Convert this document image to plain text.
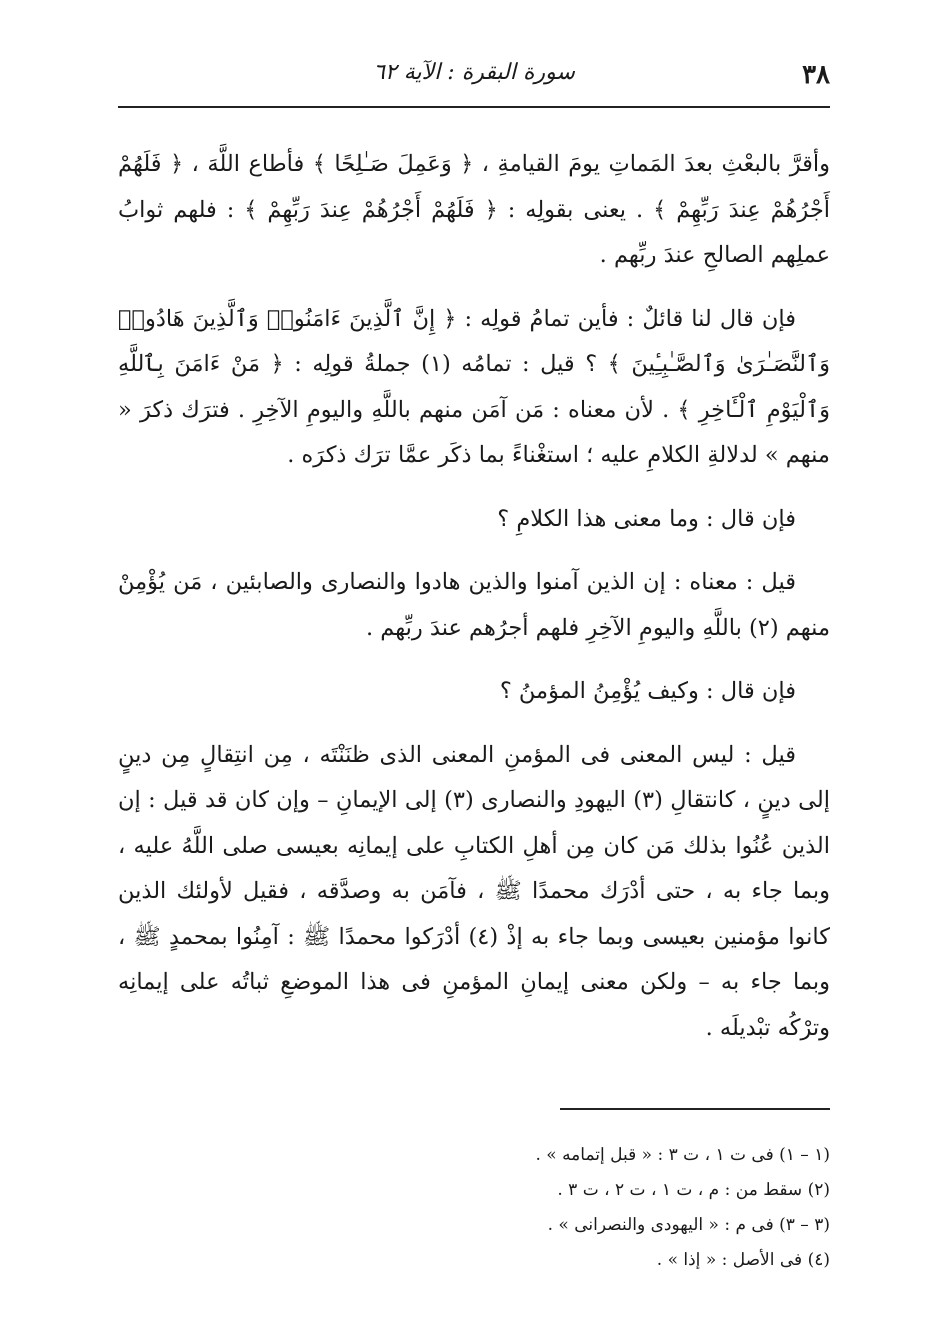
٣٨
سورة البقرة : الآية ٦٢

وأقرَّ بالبعْثِ بعدَ المَماتِ يومَ القيامةِ ، ﴿ وَعَمِلَ صَـٰلِحًا ﴾ فأطاع اللَّهَ ، ﴿ فَلَهُمْ أَجْرُهُمْ عِندَ رَبِّهِمْ ﴾ . يعنى بقولِه : ﴿ فَلَهُمْ أَجْرُهُمْ عِندَ رَبِّهِمْ ﴾ : فلهم ثوابُ عملِهم الصالحِ عندَ ربِّهم .

فإن قال لنا قائلٌ : فأين تمامُ قولِه : ﴿ إِنَّ ٱلَّذِينَ ءَامَنُوا۟ وَٱلَّذِينَ هَادُوا۟ وَٱلنَّصَـٰرَىٰ وَٱلصَّـٰبِـِٔينَ ﴾ ؟ قيل : تمامُه (١) جملةُ قولِه : ﴿ مَنْ ءَامَنَ بِٱللَّهِ وَٱلْيَوْمِ ٱلْـَٔاخِرِ ﴾ . لأن معناه : مَن آمَن منهم باللَّهِ واليومِ الآخِرِ . فترَك ذكرَ « منهم » لدلالةِ الكلامِ عليه ؛ استغْناءً بما ذكَر عمَّا ترَك ذكرَه .

فإن قال : وما معنى هذا الكلامِ ؟

قيل : معناه : إن الذين آمنوا والذين هادوا والنصارى والصابئين ، مَن يُؤْمِنْ منهم (٢) باللَّهِ واليومِ الآخِرِ فلهم أجرُهم عندَ ربِّهم .

فإن قال : وكيف يُؤْمِنُ المؤمنُ ؟

قيل : ليس المعنى فى المؤمنِ المعنى الذى ظنَنْتَه ، مِن انتِقالٍ مِن دينٍ إلى دينٍ ، كانتقالِ (٣) اليهودِ والنصارى (٣) إلى الإيمانِ – وإن كان قد قيل : إن الذين عُنُوا بذلك مَن كان مِن أهلِ الكتابِ على إيمانِه بعيسى صلى اللَّهُ عليه ، وبما جاء به ، حتى أدْرَك محمدًا ﷺ ، فآمَن به وصدَّقه ، فقيل لأولئك الذين كانوا مؤمنين بعيسى وبما جاء به إذْ (٤) أدْرَكوا محمدًا ﷺ : آمِنُوا بمحمدٍ ﷺ ، وبما جاء به – ولكن معنى إيمانِ المؤمنِ فى هذا الموضعِ ثباتُه على إيمانِه وترْكُه تبْديلَه .

(١ – ١) فى ت ١ ، ت ٣ : « قبل إتمامه » .

(٢) سقط من : م ، ت ١ ، ت ٢ ، ت ٣ .

(٣ – ٣) فى م : « اليهودى والنصرانى » .

(٤) فى الأصل : « إذا » .
